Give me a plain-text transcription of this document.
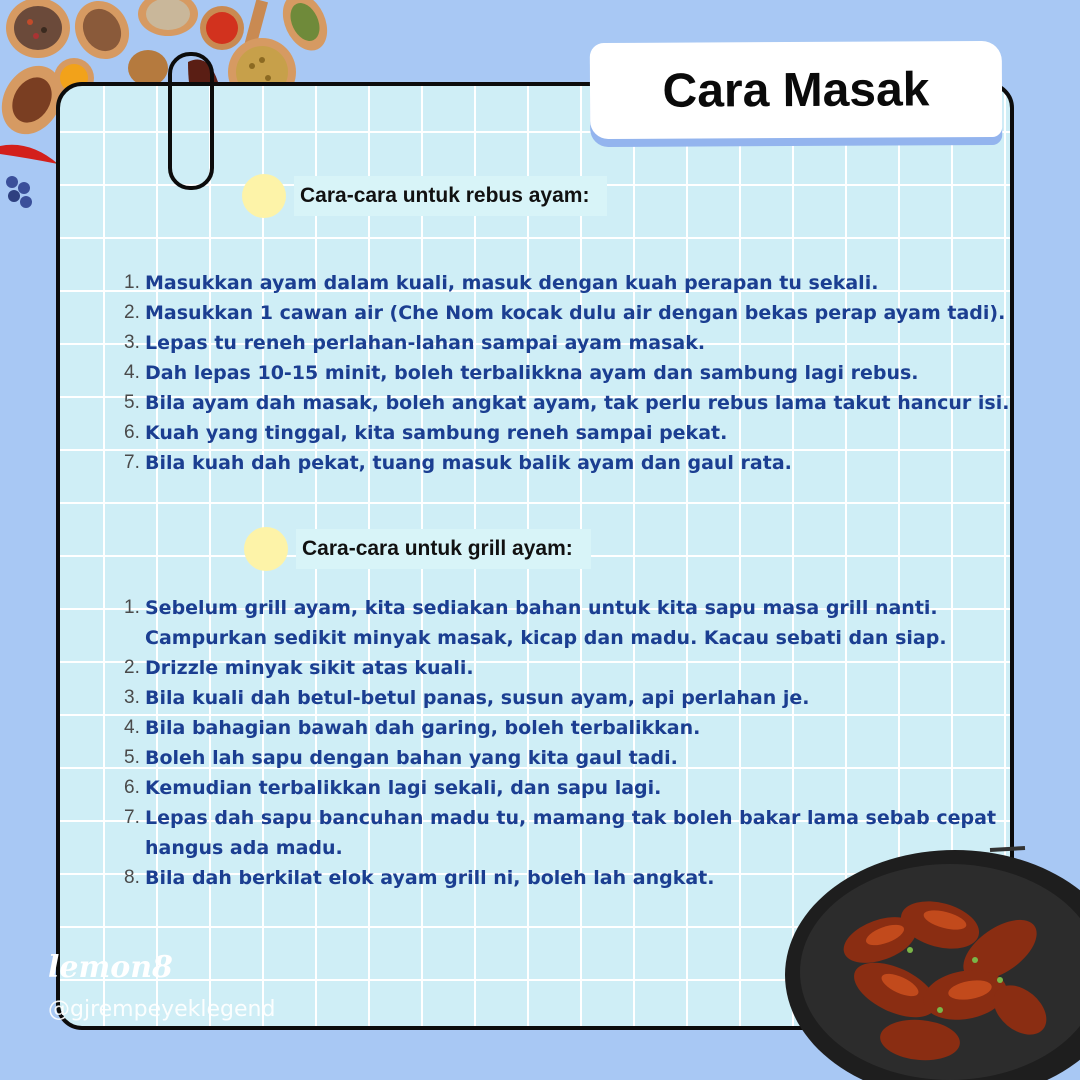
Cara Masak
Cara-cara untuk rebus ayam:
1. Masukkan ayam dalam kuali, masuk dengan kuah perapan tu sekali.
2. Masukkan 1 cawan air (Che Nom kocak dulu air dengan bekas perap ayam tadi).
3. Lepas tu reneh perlahan-lahan sampai ayam masak.
4. Dah lepas 10-15 minit, boleh terbalikkna ayam dan sambung lagi rebus.
5. Bila ayam dah masak, boleh angkat ayam, tak perlu rebus lama takut hancur isi.
6. Kuah yang tinggal, kita sambung reneh sampai pekat.
7. Bila kuah dah pekat, tuang masuk balik ayam dan gaul rata.
Cara-cara untuk grill ayam:
1. Sebelum grill ayam, kita sediakan bahan untuk kita sapu masa grill nanti.
Campurkan sedikit minyak masak, kicap dan madu. Kacau sebati dan siap.
2. Drizzle minyak sikit atas kuali.
3. Bila kuali dah betul-betul panas, susun ayam, api perlahan je.
4. Bila bahagian bawah dah garing, boleh terbalikkan.
5. Boleh lah sapu dengan bahan yang kita gaul tadi.
6. Kemudian terbalikkan lagi sekali, dan sapu lagi.
7. Lepas dah sapu bancuhan madu tu, mamang tak boleh bakar lama sebab cepat
hangus ada madu.
8. Bila dah berkilat elok ayam grill ni, boleh lah angkat.
lemon8
@gjrempeyeklegend
